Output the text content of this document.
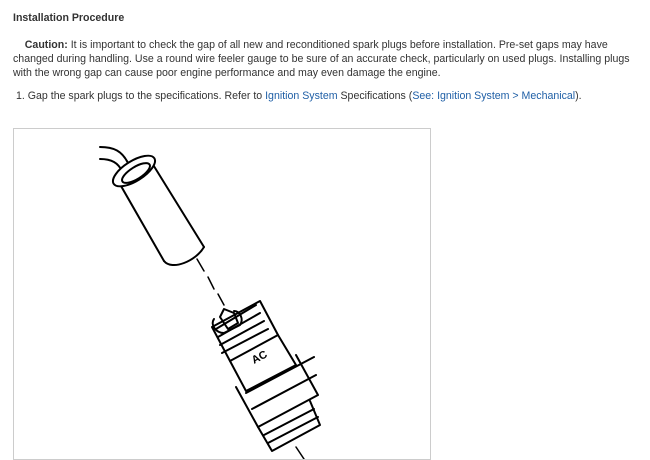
Installation Procedure
Caution: It is important to check the gap of all new and reconditioned spark plugs before installation. Pre-set gaps may have changed during handling. Use a round wire feeler gauge to be sure of an accurate check, particularly on used plugs. Installing plugs with the wrong gap can cause poor engine performance and may even damage the engine.
1. Gap the spark plugs to the specifications. Refer to Ignition System Specifications (See: Ignition System > Mechanical).
AC
